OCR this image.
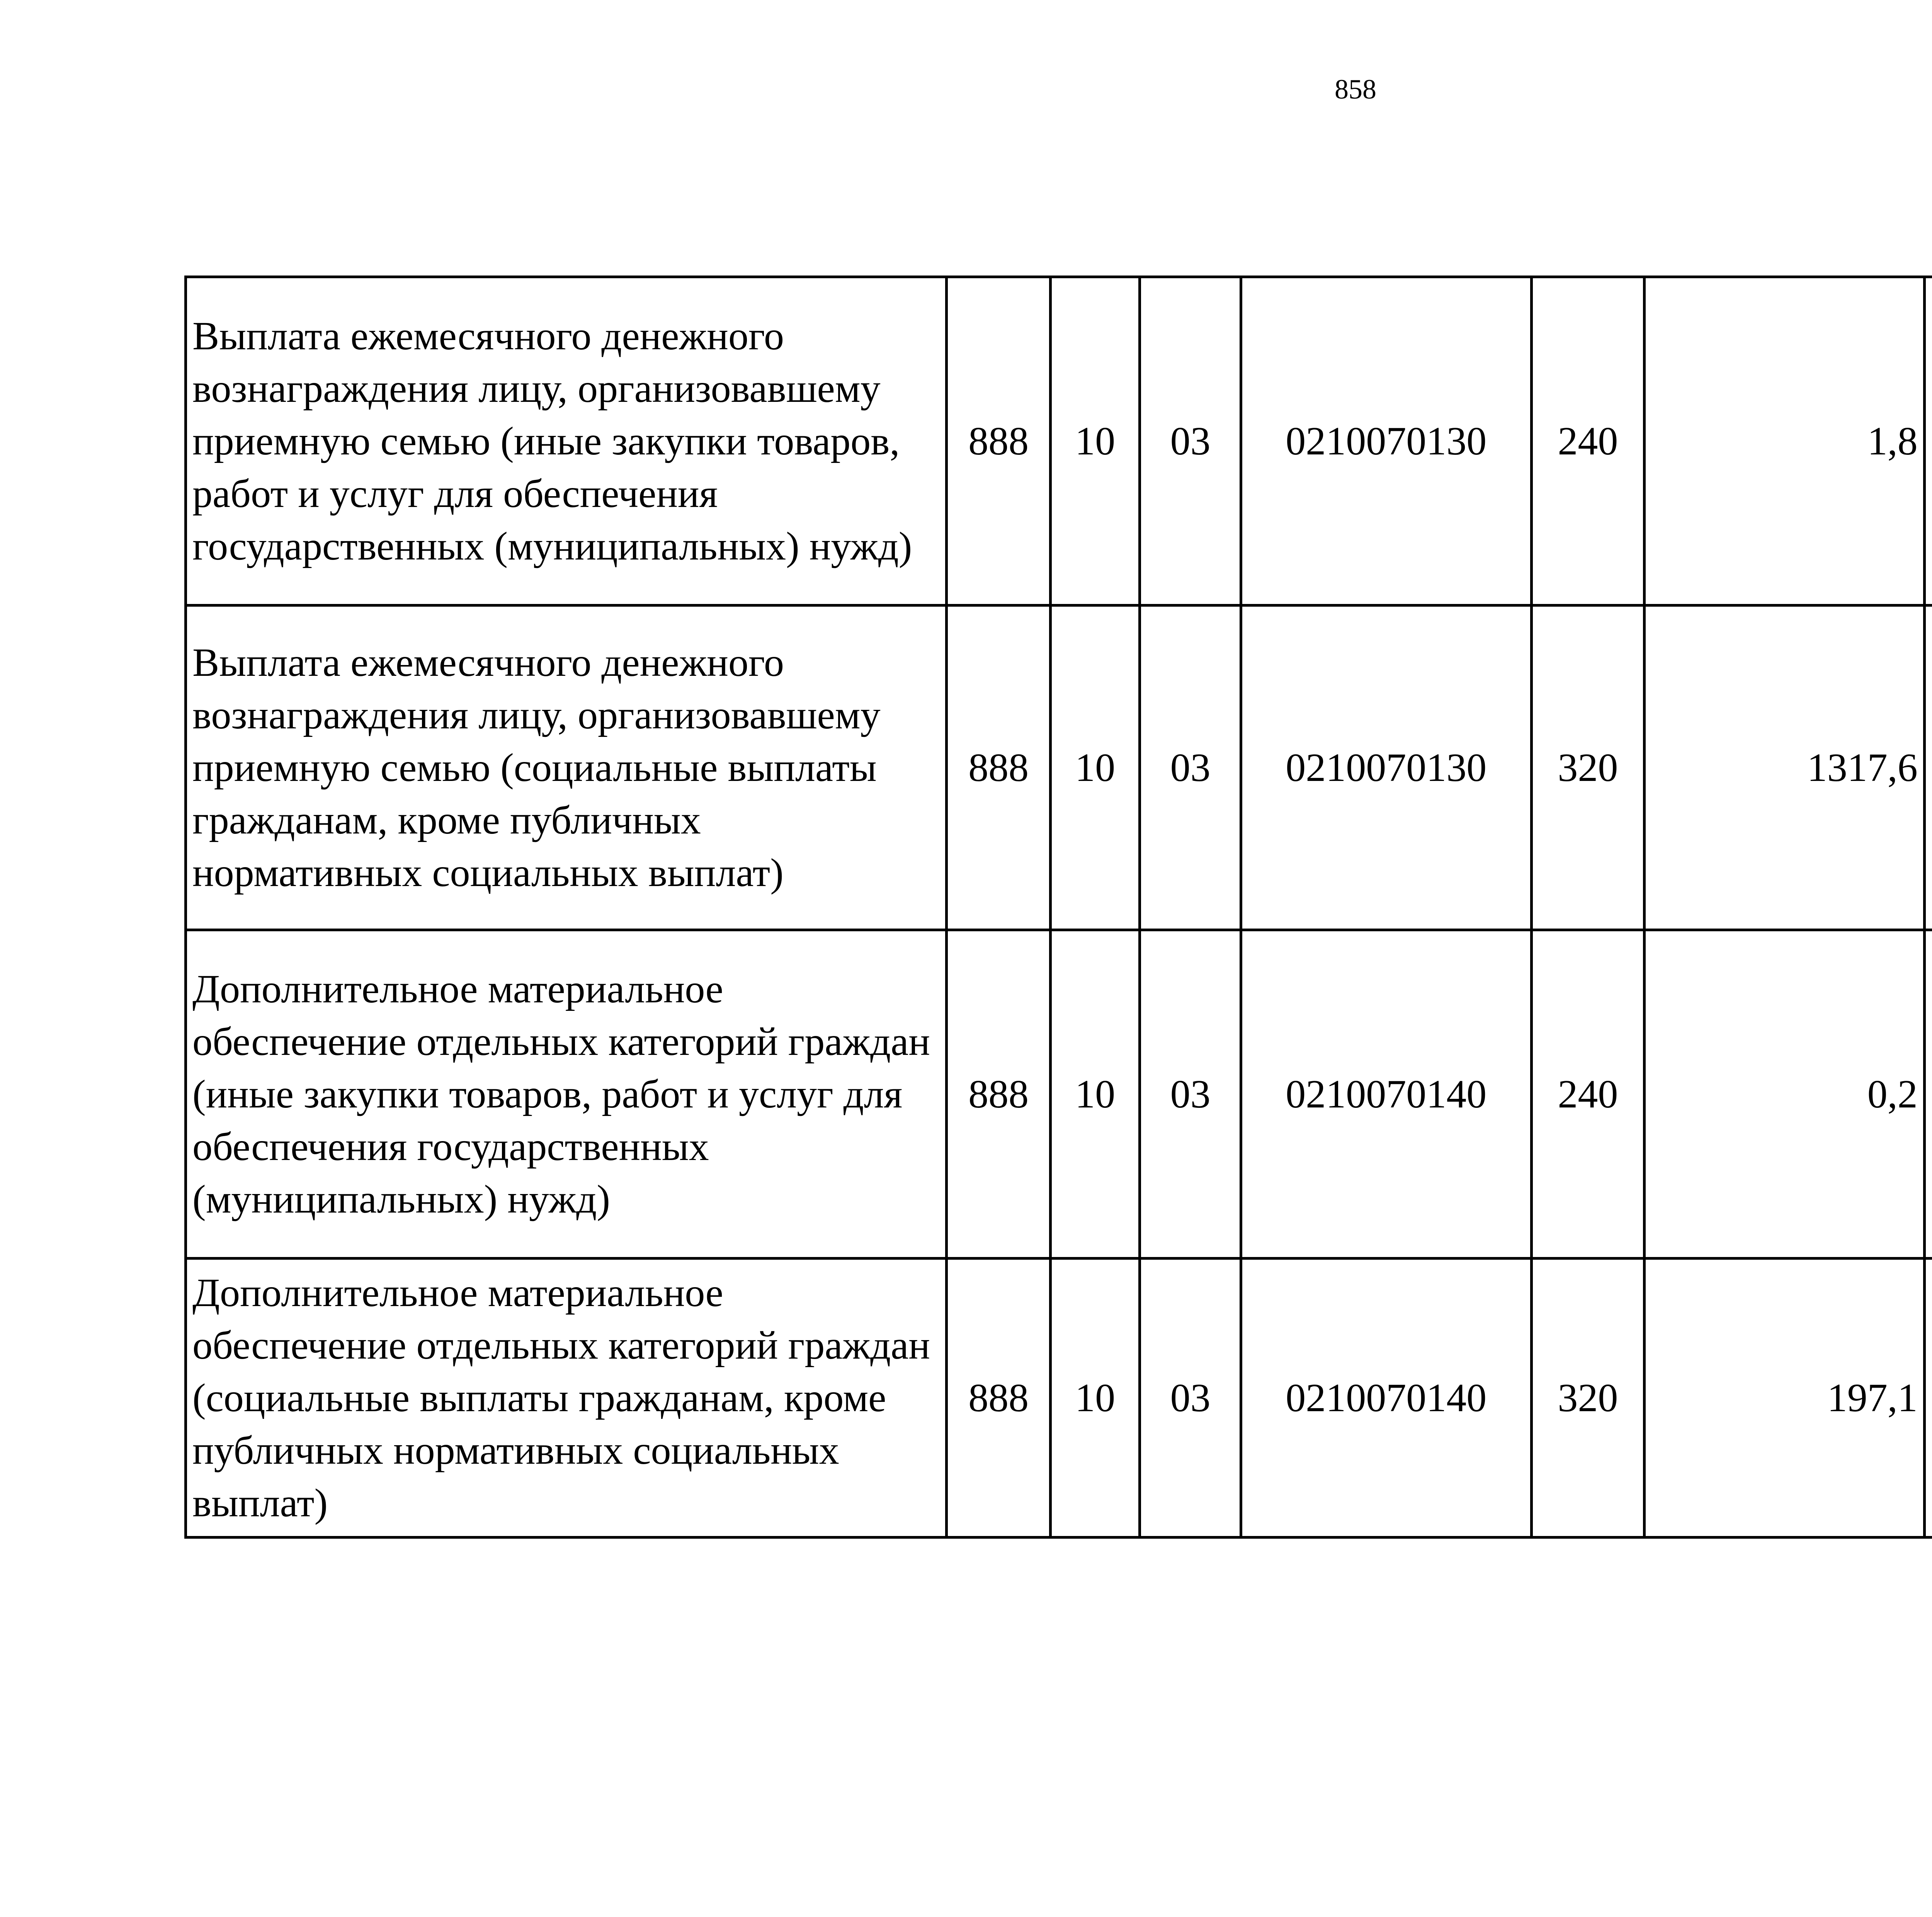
858
Выплата ежемесячного денежного вознаграждения лицу, организовавшему приемную семью (иные закупки товаров, работ и услуг для обеспечения государственных (муниципальных) нужд)	888	10	03	0210070130	240	1,8		
Выплата ежемесячного денежного вознаграждения лицу, организовавшему приемную семью (социальные выплаты гражданам, кроме публичных нормативных социальных выплат)	888	10	03	0210070130	320	1317,6		
Дополнительное материальное обеспечение отдельных категорий граждан (иные закупки товаров, работ и услуг для обеспечения государственных (муниципальных) нужд)	888	10	03	0210070140	240	0,2		
Дополнительное материальное обеспечение отдельных категорий граждан (социальные выплаты гражданам, кроме публичных нормативных социальных выплат)	888	10	03	0210070140	320	197,1		
